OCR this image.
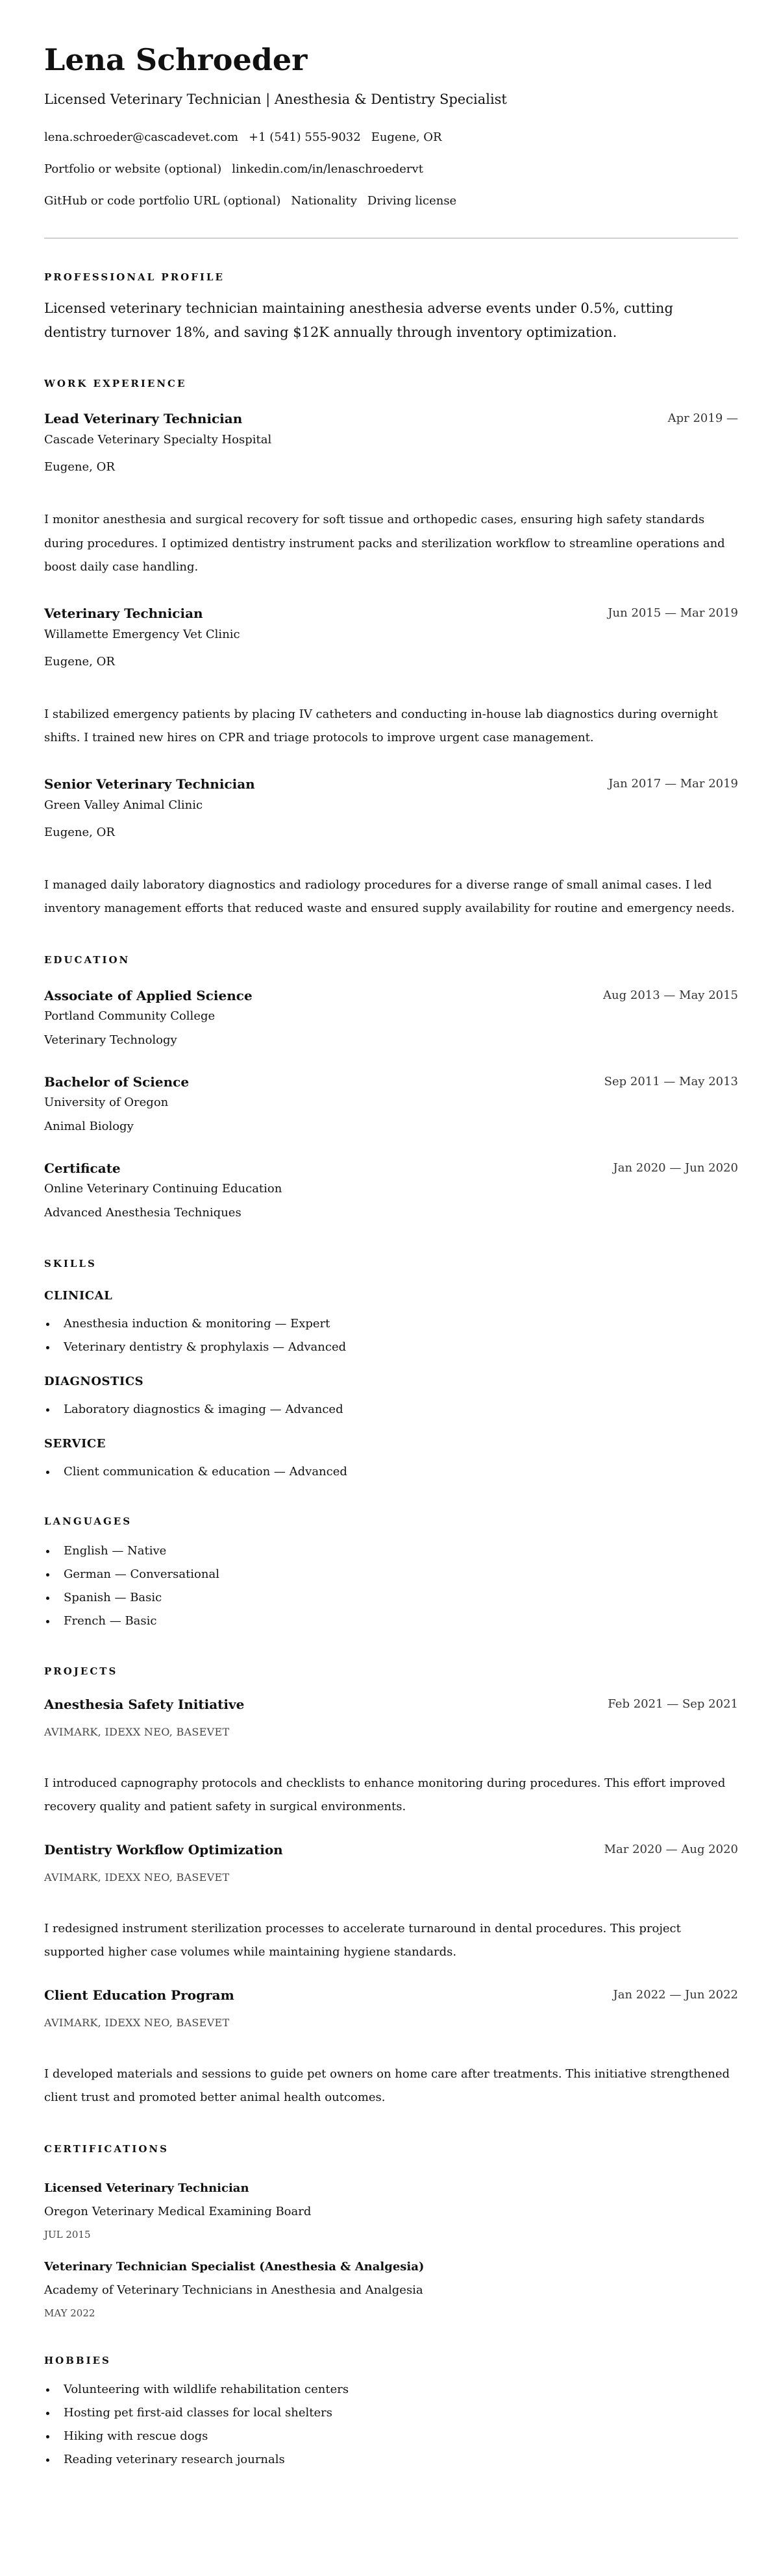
Lena Schroeder
Licensed Veterinary Technician | Anesthesia & Dentistry Specialist
lena.schroeder@cascadevet.com +1 (541) 555-9032 Eugene, OR
Portfolio or website (optional) linkedin.com/in/lenaschroedervt
GitHub or code portfolio URL (optional) Nationality Driving license
PROFESSIONAL PROFILE

Licensed veterinary technician maintaining anesthesia adverse events under 0.5%, cutting dentistry turnover 18%, and saving $12K annually through inventory optimization.

WORK EXPERIENCE
Lead Veterinary Technician	Apr 2019 —
Cascade Veterinary Specialty Hospital
Eugene, OR
I monitor anesthesia and surgical recovery for soft tissue and orthopedic cases, ensuring high safety standards during procedures. I optimized dentistry instrument packs and sterilization workflow to streamline operations and boost daily case handling.
Veterinary Technician	Jun 2015 — Mar 2019
Willamette Emergency Vet Clinic
Eugene, OR
I stabilized emergency patients by placing IV catheters and conducting in-house lab diagnostics during overnight shifts. I trained new hires on CPR and triage protocols to improve urgent case management.
Senior Veterinary Technician	Jan 2017 — Mar 2019
Green Valley Animal Clinic
Eugene, OR
I managed daily laboratory diagnostics and radiology procedures for a diverse range of small animal cases. I led inventory management efforts that reduced waste and ensured supply availability for routine and emergency needs.
EDUCATION
Associate of Applied Science	Aug 2013 — May 2015
Portland Community College
Veterinary Technology
Bachelor of Science	Sep 2011 — May 2013
University of Oregon
Animal Biology
Certificate	Jan 2020 — Jun 2020
Online Veterinary Continuing Education
Advanced Anesthesia Techniques
SKILLS
CLINICAL
Anesthesia induction & monitoring — Expert
Veterinary dentistry & prophylaxis — Advanced
DIAGNOSTICS
Laboratory diagnostics & imaging — Advanced
SERVICE
Client communication & education — Advanced
LANGUAGES
English — Native
German — Conversational
Spanish — Basic
French — Basic
PROJECTS
Anesthesia Safety Initiative	Feb 2021 — Sep 2021
AVIMARK, IDEXX NEO, BASEVET
I introduced capnography protocols and checklists to enhance monitoring during procedures. This effort improved recovery quality and patient safety in surgical environments.
Dentistry Workflow Optimization	Mar 2020 — Aug 2020
AVIMARK, IDEXX NEO, BASEVET
I redesigned instrument sterilization processes to accelerate turnaround in dental procedures. This project supported higher case volumes while maintaining hygiene standards.
Client Education Program	Jan 2022 — Jun 2022
AVIMARK, IDEXX NEO, BASEVET
I developed materials and sessions to guide pet owners on home care after treatments. This initiative strengthened client trust and promoted better animal health outcomes.
CERTIFICATIONS
Licensed Veterinary Technician
Oregon Veterinary Medical Examining Board
JUL 2015
Veterinary Technician Specialist (Anesthesia & Analgesia)
Academy of Veterinary Technicians in Anesthesia and Analgesia
MAY 2022
HOBBIES
Volunteering with wildlife rehabilitation centers
Hosting pet first-aid classes for local shelters
Hiking with rescue dogs
Reading veterinary research journals
